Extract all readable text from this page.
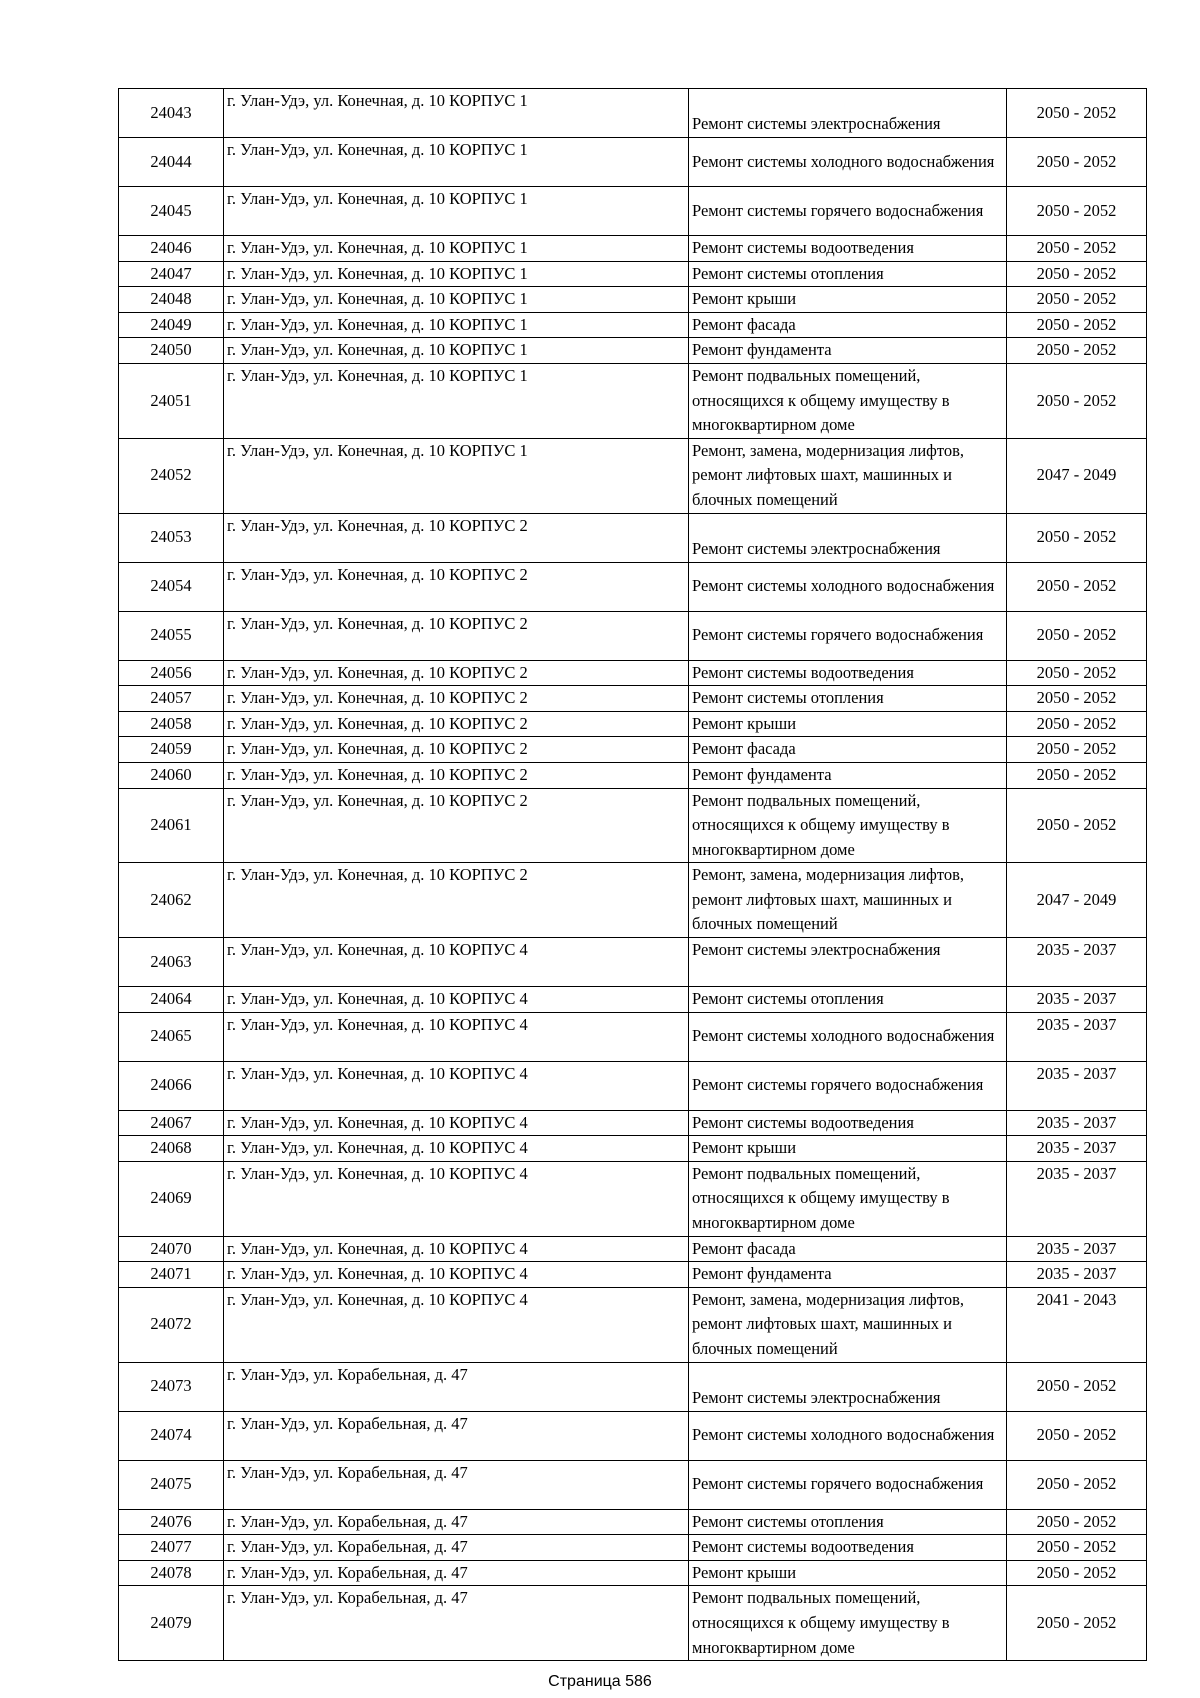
24043	г. Улан-Удэ, ул. Конечная, д. 10 КОРПУС 1	Ремонт системы электроснабжения	2050 - 2052
24044	г. Улан-Удэ, ул. Конечная, д. 10 КОРПУС 1	Ремонт системы холодного водоснабжения	2050 - 2052
24045	г. Улан-Удэ, ул. Конечная, д. 10 КОРПУС 1	Ремонт системы горячего водоснабжения	2050 - 2052
24046	г. Улан-Удэ, ул. Конечная, д. 10 КОРПУС 1	Ремонт системы водоотведения	2050 - 2052
24047	г. Улан-Удэ, ул. Конечная, д. 10 КОРПУС 1	Ремонт системы отопления	2050 - 2052
24048	г. Улан-Удэ, ул. Конечная, д. 10 КОРПУС 1	Ремонт крыши	2050 - 2052
24049	г. Улан-Удэ, ул. Конечная, д. 10 КОРПУС 1	Ремонт фасада	2050 - 2052
24050	г. Улан-Удэ, ул. Конечная, д. 10 КОРПУС 1	Ремонт фундамента	2050 - 2052
24051	г. Улан-Удэ, ул. Конечная, д. 10 КОРПУС 1	Ремонт подвальных помещений, относящихся к общему имуществу в многоквартирном доме	2050 - 2052
24052	г. Улан-Удэ, ул. Конечная, д. 10 КОРПУС 1	Ремонт, замена, модернизация лифтов, ремонт лифтовых шахт, машинных и блочных помещений	2047 - 2049
24053	г. Улан-Удэ, ул. Конечная, д. 10 КОРПУС 2	Ремонт системы электроснабжения	2050 - 2052
24054	г. Улан-Удэ, ул. Конечная, д. 10 КОРПУС 2	Ремонт системы холодного водоснабжения	2050 - 2052
24055	г. Улан-Удэ, ул. Конечная, д. 10 КОРПУС 2	Ремонт системы горячего водоснабжения	2050 - 2052
24056	г. Улан-Удэ, ул. Конечная, д. 10 КОРПУС 2	Ремонт системы водоотведения	2050 - 2052
24057	г. Улан-Удэ, ул. Конечная, д. 10 КОРПУС 2	Ремонт системы отопления	2050 - 2052
24058	г. Улан-Удэ, ул. Конечная, д. 10 КОРПУС 2	Ремонт крыши	2050 - 2052
24059	г. Улан-Удэ, ул. Конечная, д. 10 КОРПУС 2	Ремонт фасада	2050 - 2052
24060	г. Улан-Удэ, ул. Конечная, д. 10 КОРПУС 2	Ремонт фундамента	2050 - 2052
24061	г. Улан-Удэ, ул. Конечная, д. 10 КОРПУС 2	Ремонт подвальных помещений, относящихся к общему имуществу в многоквартирном доме	2050 - 2052
24062	г. Улан-Удэ, ул. Конечная, д. 10 КОРПУС 2	Ремонт, замена, модернизация лифтов, ремонт лифтовых шахт, машинных и блочных помещений	2047 - 2049
24063	г. Улан-Удэ, ул. Конечная, д. 10 КОРПУС 4	Ремонт системы электроснабжения	2035 - 2037
24064	г. Улан-Удэ, ул. Конечная, д. 10 КОРПУС 4	Ремонт системы отопления	2035 - 2037
24065	г. Улан-Удэ, ул. Конечная, д. 10 КОРПУС 4	Ремонт системы холодного водоснабжения	2035 - 2037
24066	г. Улан-Удэ, ул. Конечная, д. 10 КОРПУС 4	Ремонт системы горячего водоснабжения	2035 - 2037
24067	г. Улан-Удэ, ул. Конечная, д. 10 КОРПУС 4	Ремонт системы водоотведения	2035 - 2037
24068	г. Улан-Удэ, ул. Конечная, д. 10 КОРПУС 4	Ремонт крыши	2035 - 2037
24069	г. Улан-Удэ, ул. Конечная, д. 10 КОРПУС 4	Ремонт подвальных помещений, относящихся к общему имуществу в многоквартирном доме	2035 - 2037
24070	г. Улан-Удэ, ул. Конечная, д. 10 КОРПУС 4	Ремонт фасада	2035 - 2037
24071	г. Улан-Удэ, ул. Конечная, д. 10 КОРПУС 4	Ремонт фундамента	2035 - 2037
24072	г. Улан-Удэ, ул. Конечная, д. 10 КОРПУС 4	Ремонт, замена, модернизация лифтов, ремонт лифтовых шахт, машинных и блочных помещений	2041 - 2043
24073	г. Улан-Удэ, ул. Корабельная, д. 47	Ремонт системы электроснабжения	2050 - 2052
24074	г. Улан-Удэ, ул. Корабельная, д. 47	Ремонт системы холодного водоснабжения	2050 - 2052
24075	г. Улан-Удэ, ул. Корабельная, д. 47	Ремонт системы горячего водоснабжения	2050 - 2052
24076	г. Улан-Удэ, ул. Корабельная, д. 47	Ремонт системы отопления	2050 - 2052
24077	г. Улан-Удэ, ул. Корабельная, д. 47	Ремонт системы водоотведения	2050 - 2052
24078	г. Улан-Удэ, ул. Корабельная, д. 47	Ремонт крыши	2050 - 2052
24079	г. Улан-Удэ, ул. Корабельная, д. 47	Ремонт подвальных помещений, относящихся к общему имуществу в многоквартирном доме	2050 - 2052
Страница 586
